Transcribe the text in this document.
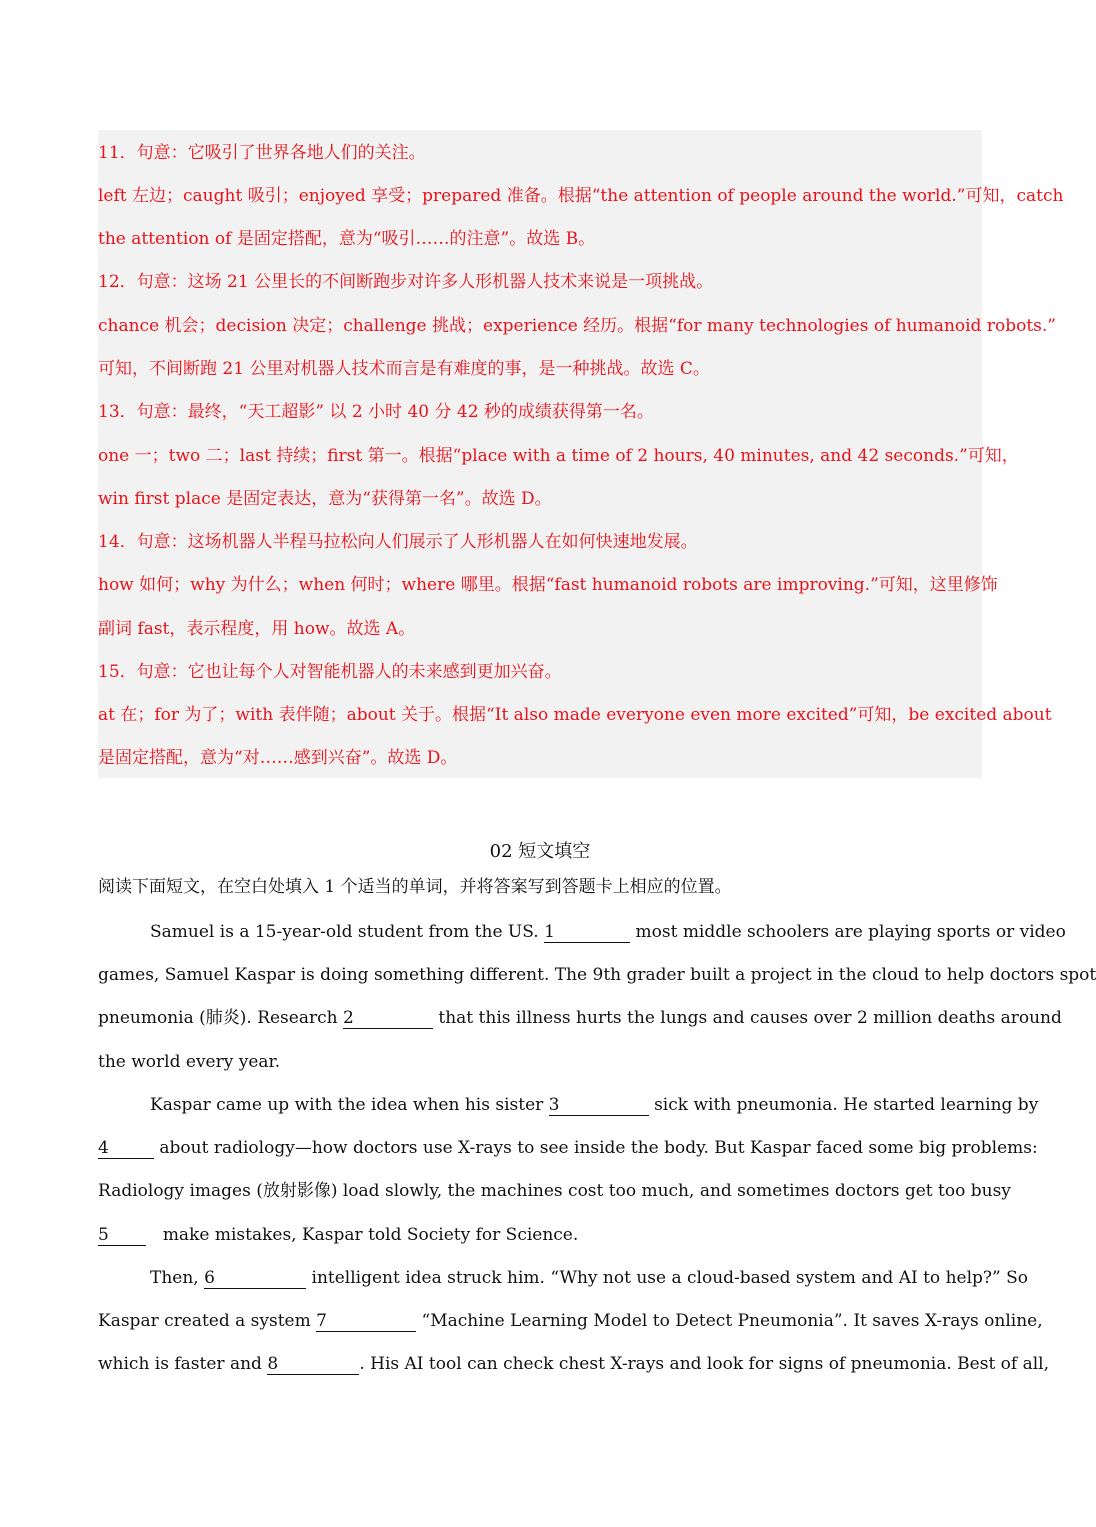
11．句意：它吸引了世界各地人们的关注。
left 左边；caught 吸引；enjoyed 享受；prepared 准备。根据“the attention of people around the world.”可知，catch
the attention of 是固定搭配，意为“吸引……的注意”。故选 B。
12．句意：这场 21 公里长的不间断跑步对许多人形机器人技术来说是一项挑战。
chance 机会；decision 决定；challenge 挑战；experience 经历。根据“for many technologies of humanoid robots.”
可知，不间断跑 21 公里对机器人技术而言是有难度的事，是一种挑战。故选 C。
13．句意：最终，“天工超影” 以 2 小时 40 分 42 秒的成绩获得第一名。
one 一；two 二；last 持续；first 第一。根据“place with a time of 2 hours, 40 minutes, and 42 seconds.”可知，
win first place 是固定表达，意为“获得第一名”。故选 D。
14．句意：这场机器人半程马拉松向人们展示了人形机器人在如何快速地发展。
how 如何；why 为什么；when 何时；where 哪里。根据“fast humanoid robots are improving.”可知，这里修饰
副词 fast，表示程度，用 how。故选 A。
15．句意：它也让每个人对智能机器人的未来感到更加兴奋。
at 在；for 为了；with 表伴随；about 关于。根据“It also made everyone even more excited”可知，be excited about
是固定搭配，意为“对……感到兴奋”。故选 D。
02 短文填空
阅读下面短文，在空白处填入 1 个适当的单词，并将答案写到答题卡上相应的位置。
Samuel is a 15-year-old student from the US. 1	most middle schoolers are playing sports or video
games, Samuel Kaspar is doing something different. The 9th grader built a project in the cloud to help doctors spot
pneumonia (肺炎). Research 2	that this illness hurts the lungs and causes over 2 million deaths around
the world every year.
Kaspar came up with the idea when his sister 3	sick with pneumonia. He started learning by
4	about radiology—how doctors use X-rays to see inside the body. But Kaspar faced some big problems:
Radiology images (放射影像) load slowly, the machines cost too much, and sometimes doctors get too busy
5	make mistakes, Kaspar told Society for Science.
Then, 6	intelligent idea struck him. “Why not use a cloud-based system and AI to help?” So
Kaspar created a system 7	“Machine Learning Model to Detect Pneumonia”. It saves X-rays online,
which is faster and 8	. His AI tool can check chest X-rays and look for signs of pneumonia. Best of all,
